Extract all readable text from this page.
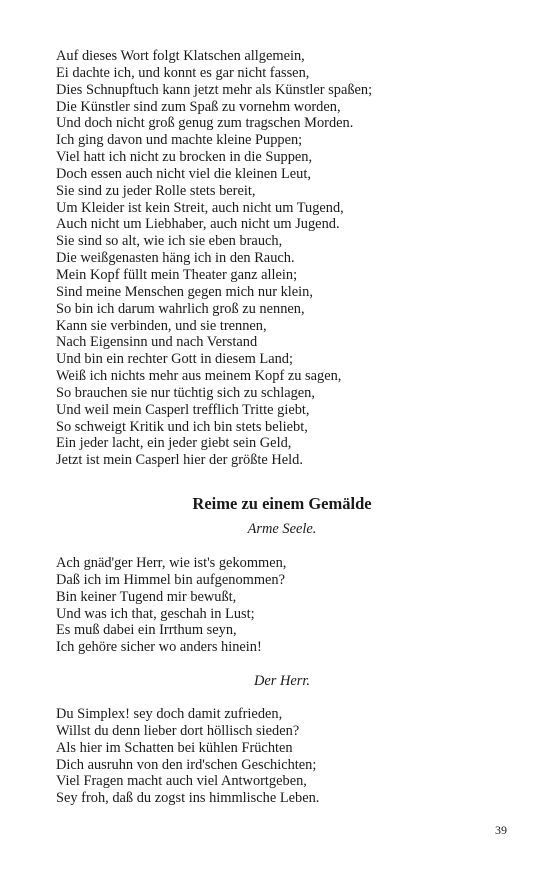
Auf dieses Wort folgt Klatschen allgemein,
Ei dachte ich, und konnt es gar nicht fassen,
Dies Schnupftuch kann jetzt mehr als Künstler spaßen;
Die Künstler sind zum Spaß zu vornehm worden,
Und doch nicht groß genug zum tragschen Morden.
Ich ging davon und machte kleine Puppen;
Viel hatt ich nicht zu brocken in die Suppen,
Doch essen auch nicht viel die kleinen Leut,
Sie sind zu jeder Rolle stets bereit,
Um Kleider ist kein Streit, auch nicht um Tugend,
Auch nicht um Liebhaber, auch nicht um Jugend.
Sie sind so alt, wie ich sie eben brauch,
Die weißgenasten häng ich in den Rauch.
Mein Kopf füllt mein Theater ganz allein;
Sind meine Menschen gegen mich nur klein,
So bin ich darum wahrlich groß zu nennen,
Kann sie verbinden, und sie trennen,
Nach Eigensinn und nach Verstand
Und bin ein rechter Gott in diesem Land;
Weiß ich nichts mehr aus meinem Kopf zu sagen,
So brauchen sie nur tüchtig sich zu schlagen,
Und weil mein Casperl trefflich Tritte giebt,
So schweigt Kritik und ich bin stets beliebt,
Ein jeder lacht, ein jeder giebt sein Geld,
Jetzt ist mein Casperl hier der größte Held.
Reime zu einem Gemälde
Arme Seele.
Ach gnäd'ger Herr, wie ist's gekommen,
Daß ich im Himmel bin aufgenommen?
Bin keiner Tugend mir bewußt,
Und was ich that, geschah in Lust;
Es muß dabei ein Irrthum seyn,
Ich gehöre sicher wo anders hinein!
Der Herr.
Du Simplex! sey doch damit zufrieden,
Willst du denn lieber dort höllisch sieden?
Als hier im Schatten bei kühlen Früchten
Dich ausruhn von den ird'schen Geschichten;
Viel Fragen macht auch viel Antwortgeben,
Sey froh, daß du zogst ins himmlische Leben.
39
